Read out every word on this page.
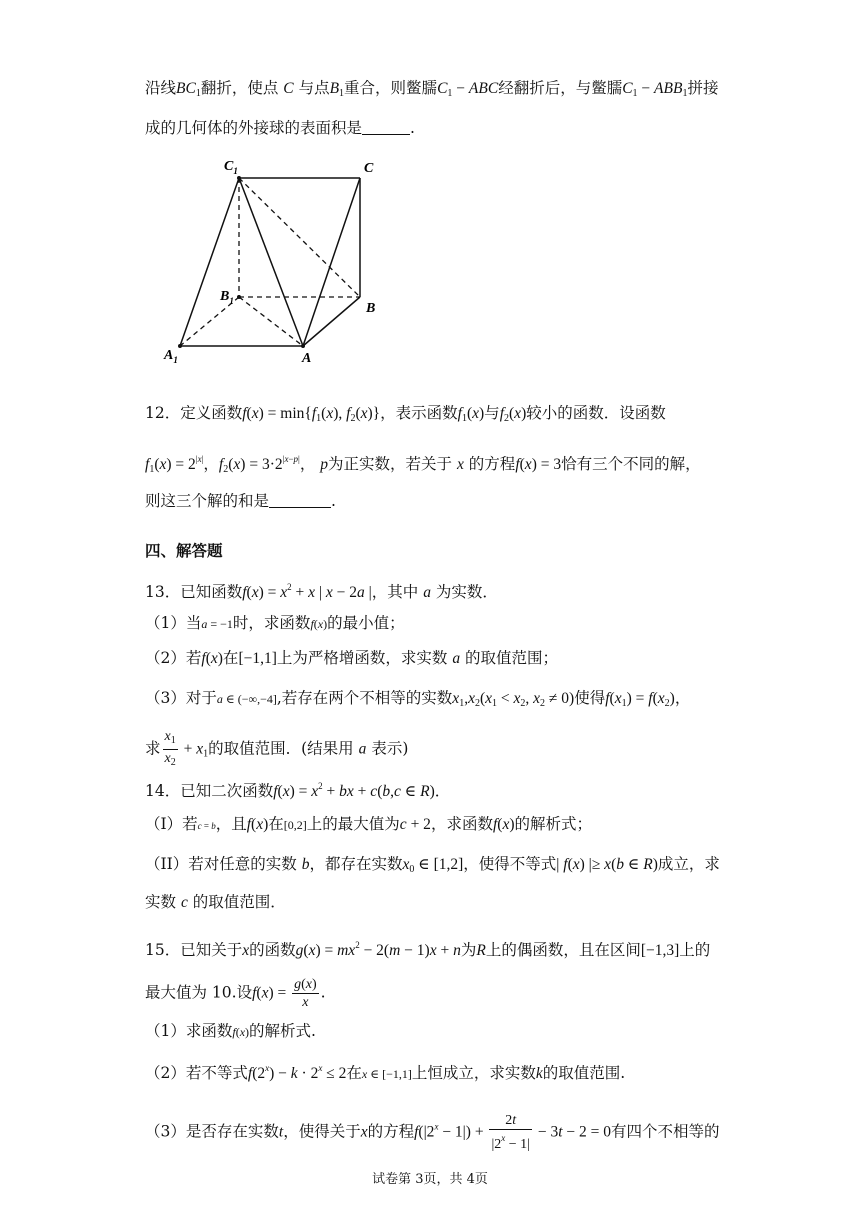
沿线$BC_1$翻折，使点 C 与点$B_1$重合，则鳖臑$C_1$ − ABC经翻折后，与鳖臑$C_1 - ABB_1$拼接
成的几何体的外接球的表面积是	.
$C_1$	C
$B_1$	B
$A_1$	A
12．定义函数$f(x) = \min\{f_1(x)$, $f_2(x)$}，表示函数$f_1(x)$与$f_2(x)$较小的函数．设函数
$f_1(x) = 2^{|x|}$，$f_2(x) = 3\cdot 2^{|x-p|}$， p为正实数，若关于 x 的方程f(x) = 3恰有三个不同的解，
则这三个解的和是	.
四、解答题
13．已知函数$f(x) = x^2 + x$ | x − 2a |，其中 a 为实数．
（1）当a = −1时，求函数f(x)的最小值；
（2）若f(x)在[−1,1]上为严格增函数，求实数 a 的取值范围；
（3）对于a ∈ (−∞,−4],若存在两个不相等的实数$x_1,x_2(x_1 < x_2$, $x_2 \ne 0$)使得$f(x_1) = f(x_2)$，
求 $\frac{x_1}{x_2} + x_1$的取值范围．(结果用 a 表示)
14．已知二次函数$f(x) = x^2$ + bx + c(b,c ∈ R)．
（I）若c = b，且f(x)在[0,2]上的最大值为c + 2，求函数f(x)的解析式；
（II）若对任意的实数 b，都存在实数$x_0$ ∈ [1,2]，使得不等式| f(x) |≥ x(b ∈ R)成立，求
实数 c 的取值范围．
15．已知关于x的函数$g(x) = mx^2 - 2(m - 1)x + n$为R上的偶函数，且在区间[−1,3]上的
最大值为 10.设$f(x) = \frac{g(x)}{x}$ .
（1）求函数f(x)的解析式.
（2）若不等式$f(2^x) - k \cdot 2^x \le 2$在x ∈ [−1,1]上恒成立，求实数k的取值范围.
（3）是否存在实数t，使得关于x的方程$f(|2^x - 1|) + \frac{2t}{|2^x - 1|} - 3t - 2 = 0$有四个不相等的
试卷第 3页，共 4页
